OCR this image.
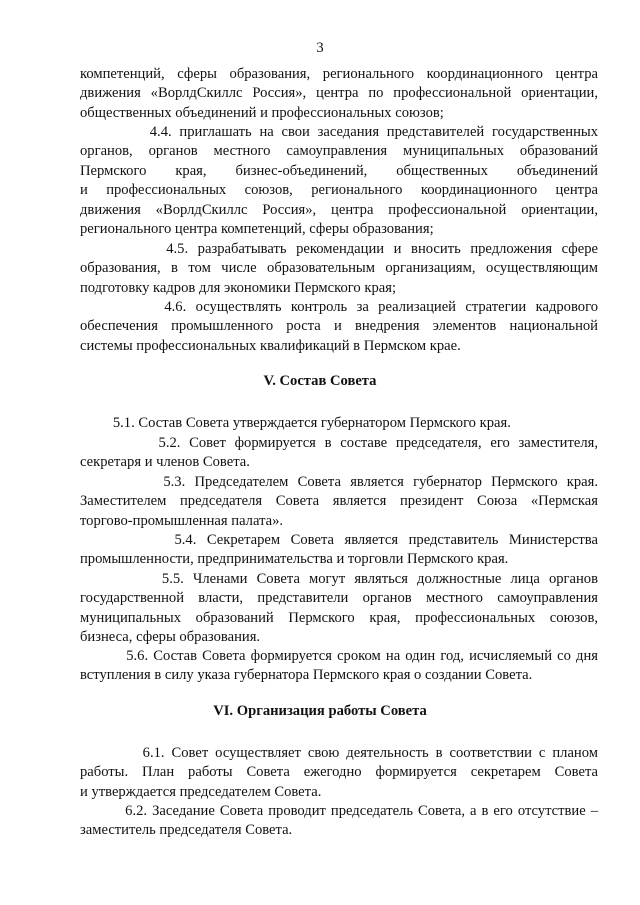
3

компетенций, сферы образования, регионального координационного центра
движения «ВорлдСкиллс Россия», центра по профессиональной ориентации,
общественных объединений и профессиональных союзов;

4.4. приглашать на свои заседания представителей государственных
органов, органов местного самоуправления муниципальных образований
Пермского края, бизнес-объединений, общественных объединений
и профессиональных союзов, регионального координационного центра
движения «ВорлдСкиллс Россия», центра профессиональной ориентации,
регионального центра компетенций, сферы образования;

4.5. разрабатывать рекомендации и вносить предложения сфере
образования, в том числе образовательным организациям, осуществляющим
подготовку кадров для экономики Пермского края;

4.6. осуществлять контроль за реализацией стратегии кадрового
обеспечения промышленного роста и внедрения элементов национальной
системы профессиональных квалификаций в Пермском крае.

V. Состав Совета

5.1. Состав Совета утверждается губернатором Пермского края.

5.2. Совет формируется в составе председателя, его заместителя,
секретаря и членов Совета.

5.3. Председателем Совета является губернатор Пермского края.
Заместителем председателя Совета является президент Союза «Пермская
торгово-промышленная палата».

5.4. Секретарем Совета является представитель Министерства
промышленности, предпринимательства и торговли Пермского края.

5.5. Членами Совета могут являться должностные лица органов
государственной власти, представители органов местного самоуправления
муниципальных образований Пермского края, профессиональных союзов,
бизнеса, сферы образования.

5.6. Состав Совета формируется сроком на один год, исчисляемый со дня
вступления в силу указа губернатора Пермского края о создании Совета.

VI. Организация работы Совета

6.1. Совет осуществляет свою деятельность в соответствии с планом
работы. План работы Совета ежегодно формируется секретарем Совета
и утверждается председателем Совета.

6.2. Заседание Совета проводит председатель Совета, а в его отсутствие –
заместитель председателя Совета.
